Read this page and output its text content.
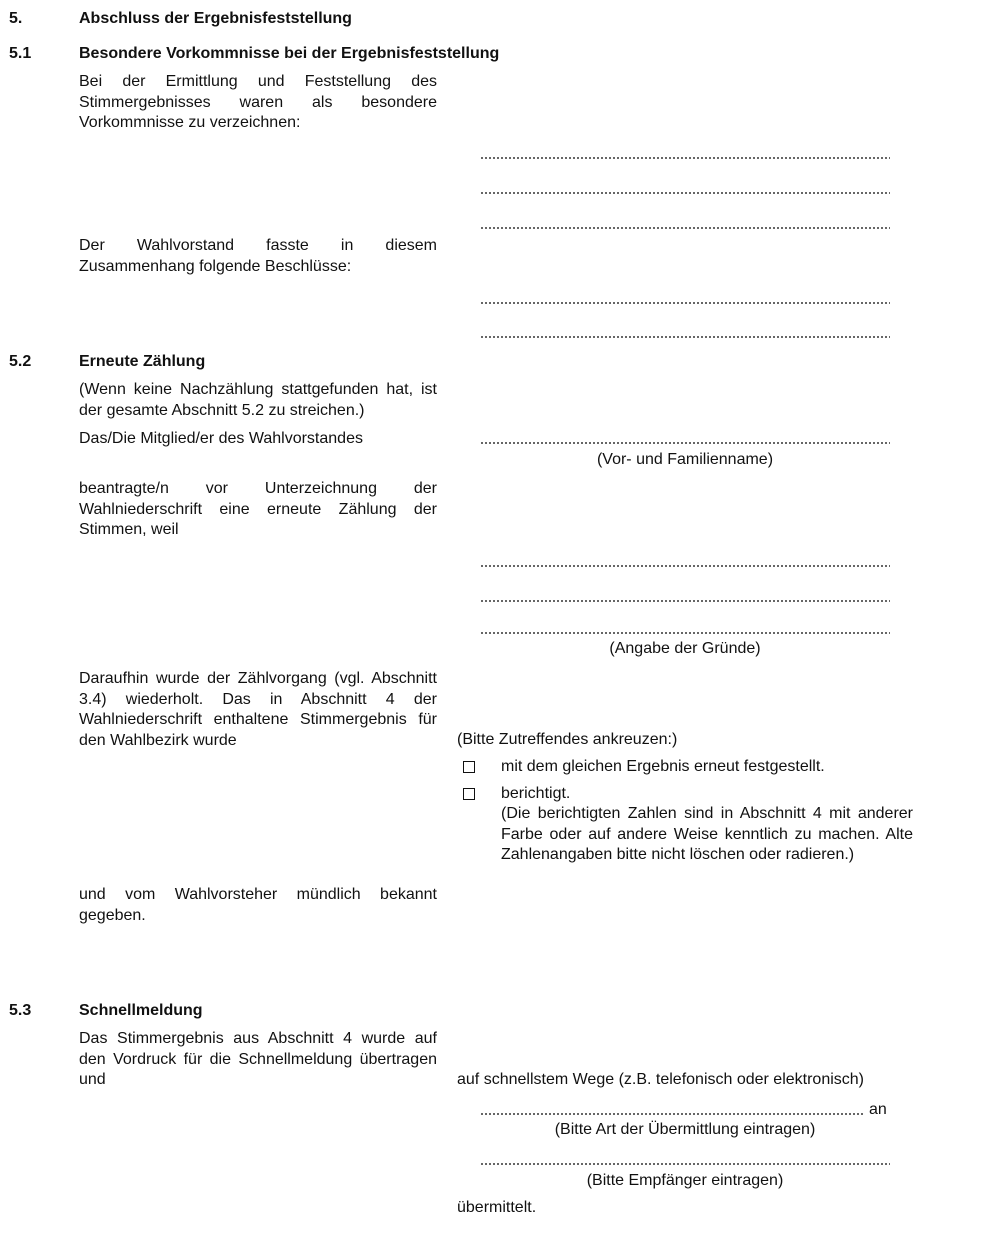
5.	Abschluss der Ergebnisfeststellung
5.1	Besondere Vorkommnisse bei der Ergebnisfeststellung
Bei der Ermittlung und Feststellung des Stimmergebnisses waren als besondere Vorkommnisse zu verzeichnen:
Der Wahlvorstand fasste in diesem Zusammenhang folgende Beschlüsse:
5.2	Erneute Zählung
(Wenn keine Nachzählung stattgefunden hat, ist der gesamte Abschnitt 5.2 zu streichen.)
Das/Die Mitglied/er des Wahlvorstandes
(Vor- und Familienname)
beantragte/n vor Unterzeichnung der Wahlniederschrift eine erneute Zählung der Stimmen, weil
(Angabe der Gründe)
Daraufhin wurde der Zählvorgang (vgl. Abschnitt 3.4) wiederholt. Das in Abschnitt 4 der Wahlniederschrift enthaltene Stimmergebnis für den Wahlbezirk wurde	(Bitte Zutreffendes ankreuzen:)
mit dem gleichen Ergebnis erneut festgestellt.
berichtigt.
(Die berichtigten Zahlen sind in Abschnitt 4 mit anderer Farbe oder auf andere Weise kenntlich zu machen. Alte Zahlenangaben bitte nicht löschen oder radieren.)
und vom Wahlvorsteher mündlich bekannt gegeben.
5.3	Schnellmeldung
Das Stimmergebnis aus Abschnitt 4 wurde auf den Vordruck für die Schnellmeldung übertragen und	auf schnellstem Wege (z.B. telefonisch oder elektronisch)
an
(Bitte Art der Übermittlung eintragen)
(Bitte Empfänger eintragen)
übermittelt.
